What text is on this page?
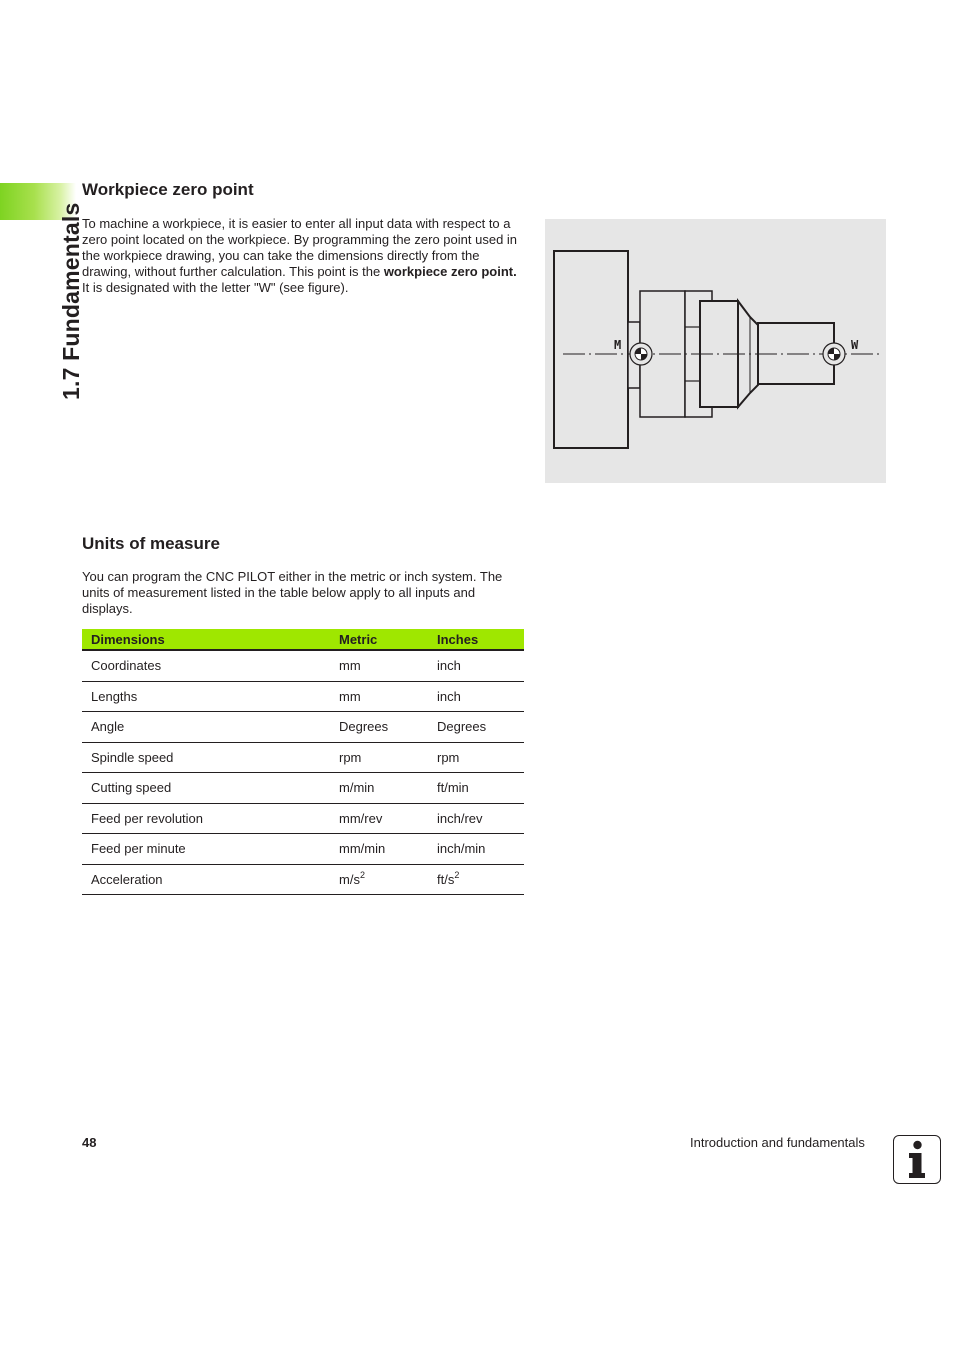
1.7 Fundamentals
Workpiece zero point

To machine a workpiece, it is easier to enter all input data with respect to a zero point located on the workpiece. By programming the zero point used in the workpiece drawing, you can take the dimensions directly from the drawing, without further calculation. This point is the workpiece zero point. It is designated with the letter "W" (see figure).

M	W
Units of measure

You can program the CNC PILOT either in the metric or inch system. The units of measurement listed in the table below apply to all inputs and displays.

Dimensions	Metric	Inches
Coordinates	mm	inch
Lengths	mm	inch
Angle	Degrees	Degrees
Spindle speed	rpm	rpm
Cutting speed	m/min	ft/min
Feed per revolution	mm/rev	inch/rev
Feed per minute	mm/min	inch/min
Acceleration	$m/s^2$	$ft/s^2$
48	Introduction and fundamentals
